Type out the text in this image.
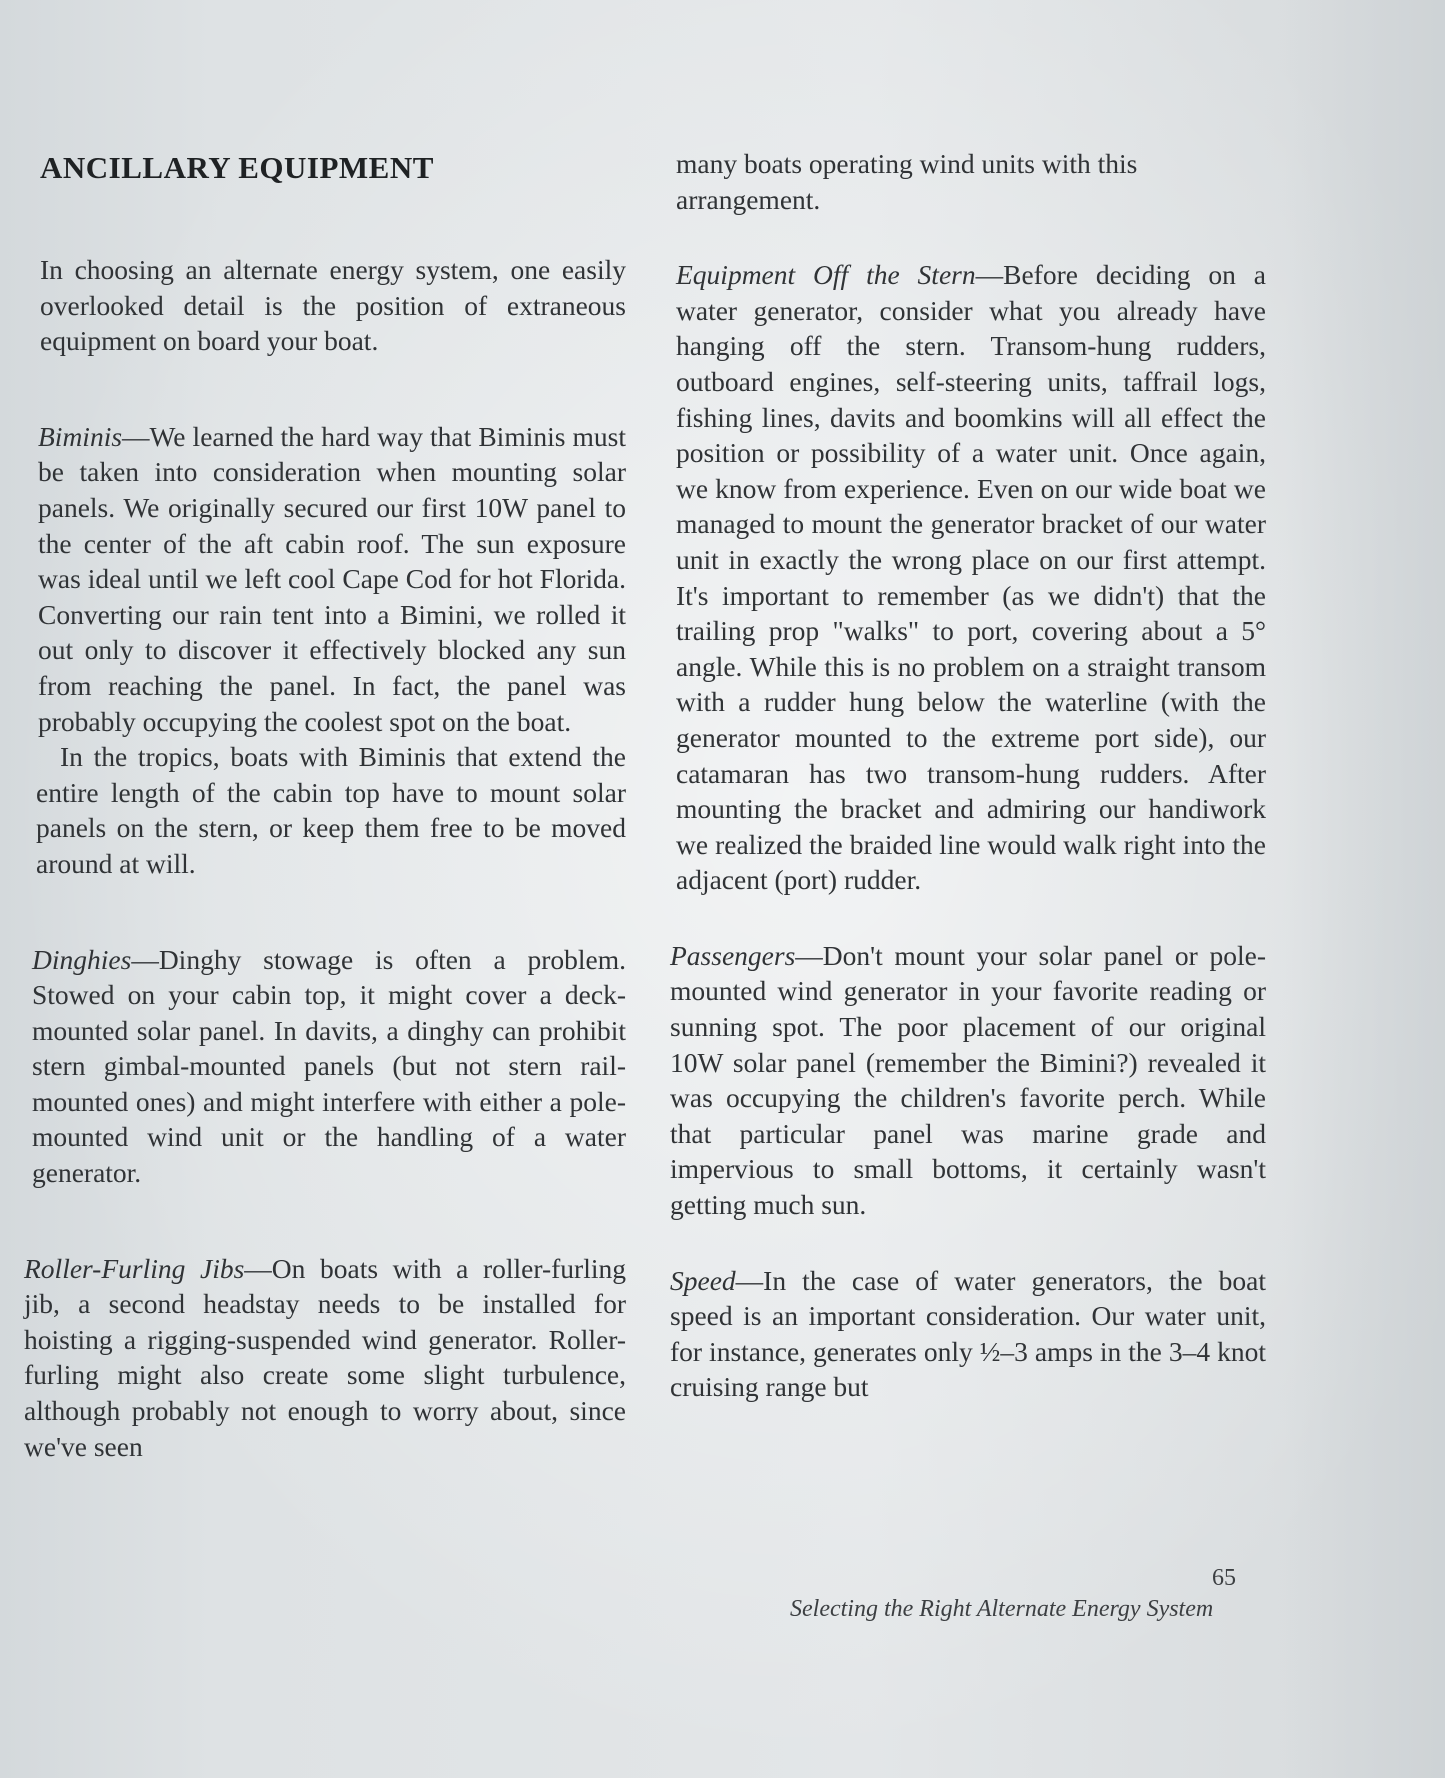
ANCILLARY EQUIPMENT

In choosing an alternate energy system, one easily overlooked detail is the position of extraneous equipment on board your boat.

Biminis—We learned the hard way that Biminis must be taken into consideration when mounting solar panels. We originally secured our first 10W panel to the center of the aft cabin roof. The sun exposure was ideal until we left cool Cape Cod for hot Florida. Converting our rain tent into a Bimini, we rolled it out only to discover it effectively blocked any sun from reaching the panel. In fact, the panel was probably occupying the coolest spot on the boat.

In the tropics, boats with Biminis that extend the entire length of the cabin top have to mount solar panels on the stern, or keep them free to be moved around at will.

Dinghies—Dinghy stowage is often a problem. Stowed on your cabin top, it might cover a deck-mounted solar panel. In davits, a dinghy can prohibit stern gimbal-mounted panels (but not stern rail-mounted ones) and might interfere with either a pole-mounted wind unit or the handling of a water generator.

Roller-Furling Jibs—On boats with a roller-furling jib, a second headstay needs to be installed for hoisting a rigging-suspended wind generator. Roller-furling might also create some slight turbulence, although probably not enough to worry about, since we've seen

many boats operating wind units with this arrangement.

Equipment Off the Stern—Before deciding on a water generator, consider what you already have hanging off the stern. Transom-hung rudders, outboard engines, self-steering units, taffrail logs, fishing lines, davits and boomkins will all effect the position or possibility of a water unit. Once again, we know from experience. Even on our wide boat we managed to mount the generator bracket of our water unit in exactly the wrong place on our first attempt. It's important to remember (as we didn't) that the trailing prop "walks" to port, covering about a 5° angle. While this is no problem on a straight transom with a rudder hung below the waterline (with the generator mounted to the extreme port side), our catamaran has two transom-hung rudders. After mounting the bracket and admiring our handiwork we realized the braided line would walk right into the adjacent (port) rudder.

Passengers—Don't mount your solar panel or pole-mounted wind generator in your favorite reading or sunning spot. The poor placement of our original 10W solar panel (remember the Bimini?) revealed it was occupying the children's favorite perch. While that particular panel was marine grade and impervious to small bottoms, it certainly wasn't getting much sun.

Speed—In the case of water generators, the boat speed is an important consideration. Our water unit, for instance, generates only ½–3 amps in the 3–4 knot cruising range but

65
Selecting the Right Alternate Energy System
